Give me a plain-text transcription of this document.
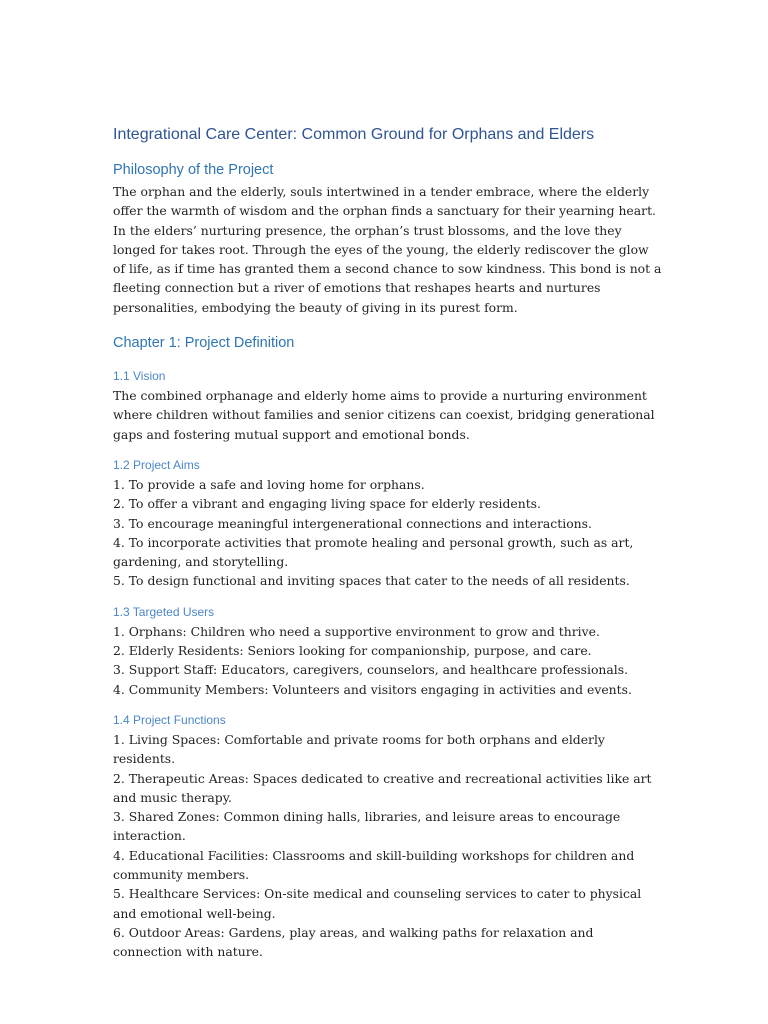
Integrational Care Center: Common Ground for Orphans and Elders
Philosophy of the Project

The orphan and the elderly, souls intertwined in a tender embrace, where the elderly offer the warmth of wisdom and the orphan finds a sanctuary for their yearning heart. In the elders’ nurturing presence, the orphan’s trust blossoms, and the love they longed for takes root. Through the eyes of the young, the elderly rediscover the glow of life, as if time has granted them a second chance to sow kindness. This bond is not a fleeting connection but a river of emotions that reshapes hearts and nurtures personalities, embodying the beauty of giving in its purest form.

Chapter 1: Project Definition
1.1 Vision

The combined orphanage and elderly home aims to provide a nurturing environment where children without families and senior citizens can coexist, bridging generational gaps and fostering mutual support and emotional bonds.

1.2 Project Aims
1. To provide a safe and loving home for orphans.
2. To offer a vibrant and engaging living space for elderly residents.
3. To encourage meaningful intergenerational connections and interactions.
4. To incorporate activities that promote healing and personal growth, such as art, gardening, and storytelling.
5. To design functional and inviting spaces that cater to the needs of all residents.
1.3 Targeted Users
1. Orphans: Children who need a supportive environment to grow and thrive.
2. Elderly Residents: Seniors looking for companionship, purpose, and care.
3. Support Staff: Educators, caregivers, counselors, and healthcare professionals.
4. Community Members: Volunteers and visitors engaging in activities and events.
1.4 Project Functions
1. Living Spaces: Comfortable and private rooms for both orphans and elderly residents.
2. Therapeutic Areas: Spaces dedicated to creative and recreational activities like art and music therapy.
3. Shared Zones: Common dining halls, libraries, and leisure areas to encourage interaction.
4. Educational Facilities: Classrooms and skill-building workshops for children and community members.
5. Healthcare Services: On-site medical and counseling services to cater to physical and emotional well-being.
6. Outdoor Areas: Gardens, play areas, and walking paths for relaxation and connection with nature.
